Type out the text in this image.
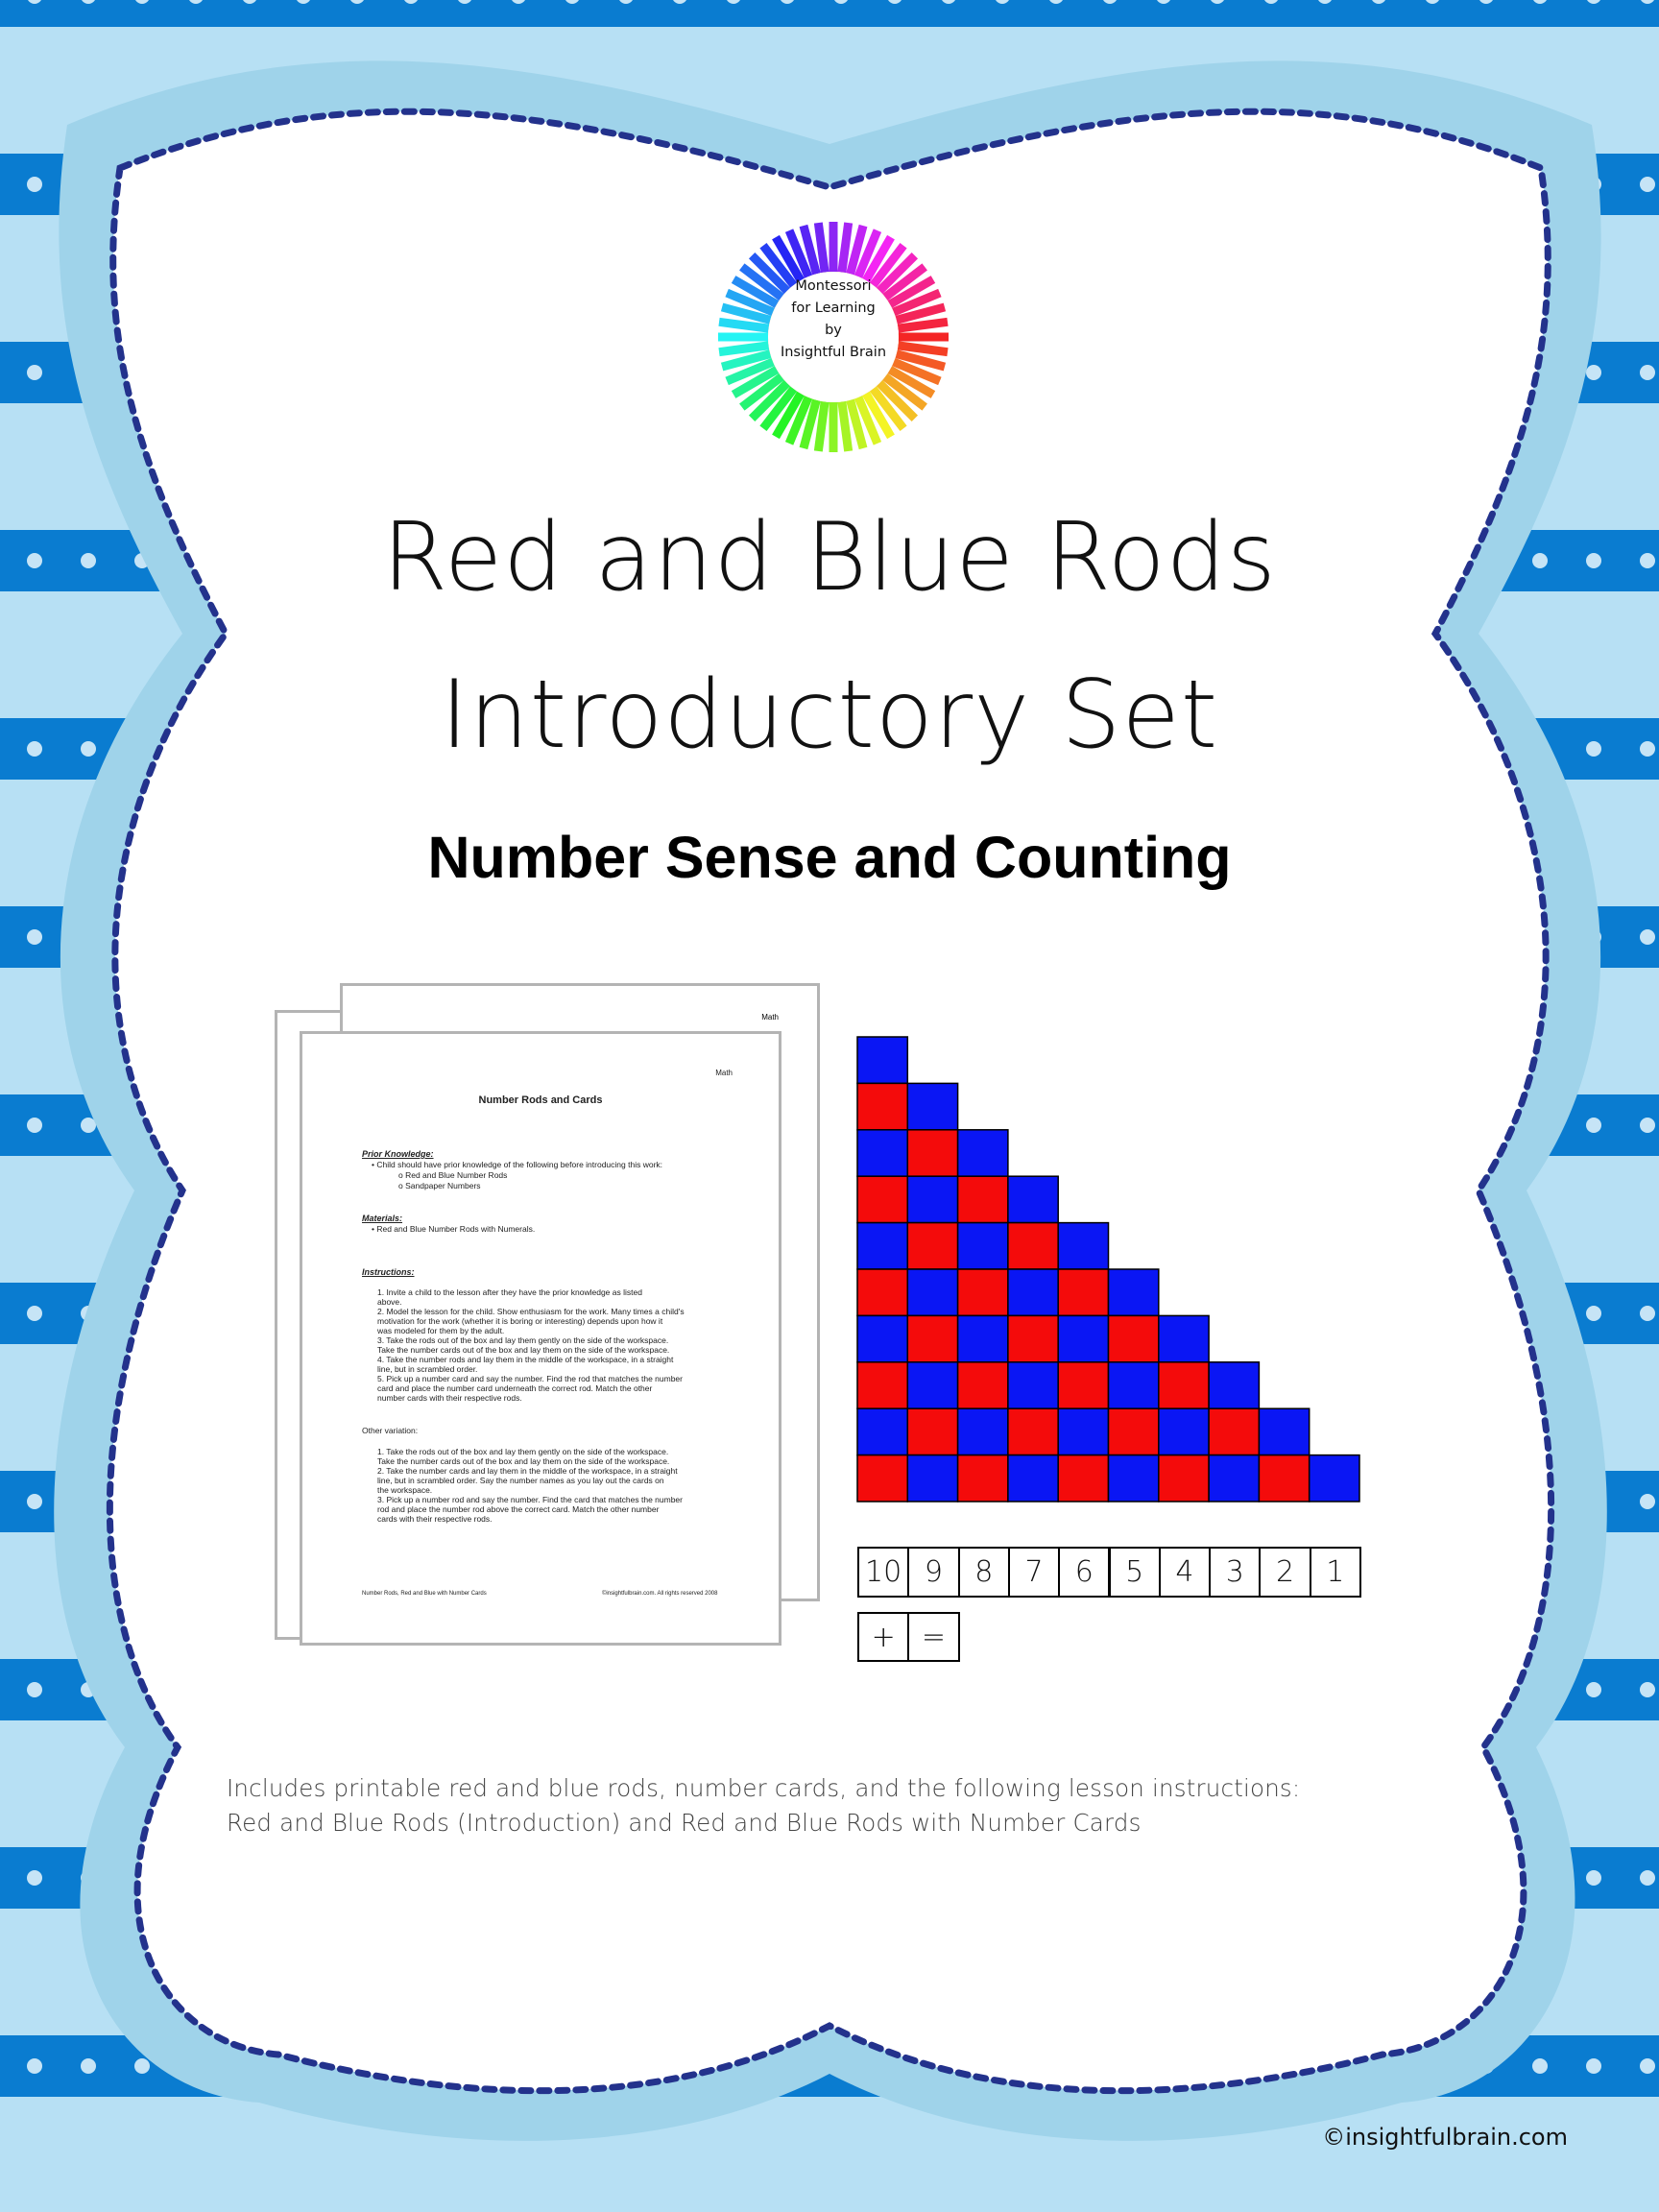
Montessori
for Learning
by
Insightful Brain
Red and Blue Rods
Introductory Set
Number Sense and Counting
Math
Math
Number Rods and Cards
Prior Knowledge:
• Child should have prior knowledge of the following before introducing this work:
o Red and Blue Number Rods
o Sandpaper Numbers
Materials:
• Red and Blue Number Rods with Numerals.
Instructions:
1. Invite a child to the lesson after they have the prior knowledge as listed
above.
2. Model the lesson for the child. Show enthusiasm for the work. Many times a child's
motivation for the work (whether it is boring or interesting) depends upon how it
was modeled for them by the adult.
3. Take the rods out of the box and lay them gently on the side of the workspace.
Take the number cards out of the box and lay them on the side of the workspace.
4. Take the number rods and lay them in the middle of the workspace, in a straight
line, but in scrambled order.
5. Pick up a number card and say the number. Find the rod that matches the number
card and place the number card underneath the correct rod. Match the other
number cards with their respective rods.
Other variation:
1. Take the rods out of the box and lay them gently on the side of the workspace.
Take the number cards out of the box and lay them on the side of the workspace.
2. Take the number cards and lay them in the middle of the workspace, in a straight
line, but in scrambled order. Say the number names as you lay out the cards on
the workspace.
3. Pick up a number rod and say the number. Find the card that matches the number
rod and place the number rod above the correct card. Match the other number
cards with their respective rods.
Number Rods, Red and Blue with Number Cards	©insightfulbrain.com. All rights reserved 2008
10 9	8	7	6	5	4	3	2	1
+ =
Includes printable red and blue rods, number cards, and the following lesson instructions:
Red and Blue Rods (Introduction) and Red and Blue Rods with Number Cards
©insightfulbrain.com
